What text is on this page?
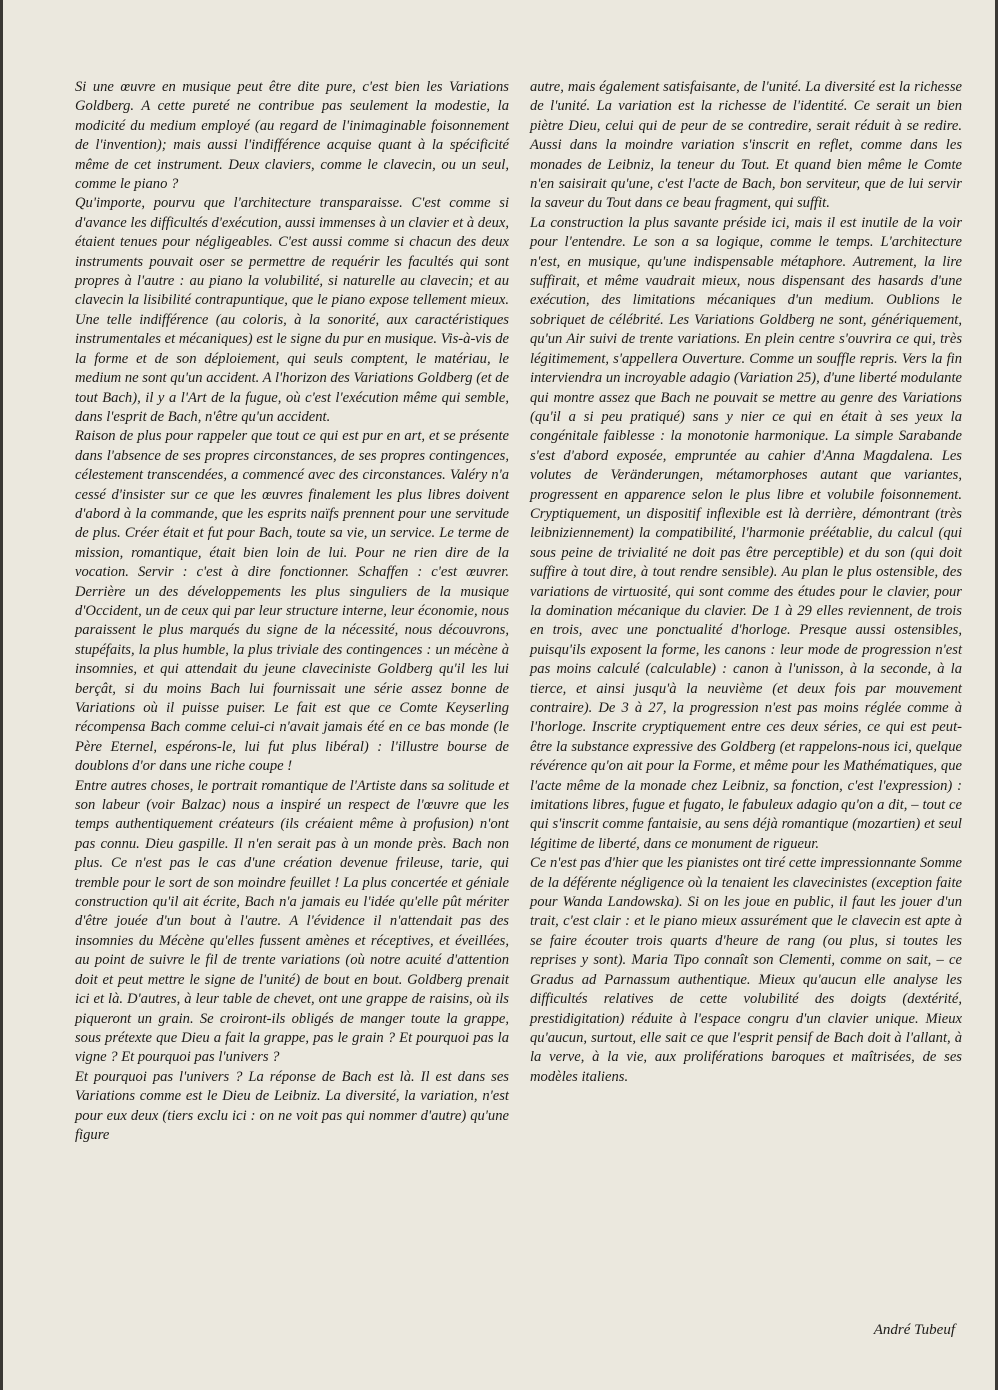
Si une œuvre en musique peut être dite pure, c'est bien les Variations Goldberg. A cette pureté ne contribue pas seulement la modestie, la modicité du medium employé (au regard de l'inimaginable foisonnement de l'invention); mais aussi l'indifférence acquise quant à la spécificité même de cet instrument. Deux claviers, comme le clavecin, ou un seul, comme le piano ?

Qu'importe, pourvu que l'architecture transparaisse. C'est comme si d'avance les difficultés d'exécution, aussi immenses à un clavier et à deux, étaient tenues pour négligeables. C'est aussi comme si chacun des deux instruments pouvait oser se permettre de requérir les facultés qui sont propres à l'autre : au piano la volubilité, si naturelle au clavecin; et au clavecin la lisibilité contrapuntique, que le piano expose tellement mieux. Une telle indifférence (au coloris, à la sonorité, aux caractéristiques instrumentales et mécaniques) est le signe du pur en musique. Vis-à-vis de la forme et de son déploiement, qui seuls comptent, le matériau, le medium ne sont qu'un accident. A l'horizon des Variations Goldberg (et de tout Bach), il y a l'Art de la fugue, où c'est l'exécution même qui semble, dans l'esprit de Bach, n'être qu'un accident.

Raison de plus pour rappeler que tout ce qui est pur en art, et se présente dans l'absence de ses propres circonstances, de ses propres contingences, célestement transcendées, a commencé avec des circonstances. Valéry n'a cessé d'insister sur ce que les œuvres finalement les plus libres doivent d'abord à la commande, que les esprits naïfs prennent pour une servitude de plus. Créer était et fut pour Bach, toute sa vie, un service. Le terme de mission, romantique, était bien loin de lui. Pour ne rien dire de la vocation. Servir : c'est à dire fonctionner. Schaffen : c'est œuvrer. Derrière un des développements les plus singuliers de la musique d'Occident, un de ceux qui par leur structure interne, leur économie, nous paraissent le plus marqués du signe de la nécessité, nous découvrons, stupéfaits, la plus humble, la plus triviale des contingences : un mécène à insomnies, et qui attendait du jeune claveciniste Goldberg qu'il les lui berçât, si du moins Bach lui fournissait une série assez bonne de Variations où il puisse puiser. Le fait est que ce Comte Keyserling récompensa Bach comme celui-ci n'avait jamais été en ce bas monde (le Père Eternel, espérons-le, lui fut plus libéral) : l'illustre bourse de doublons d'or dans une riche coupe !

Entre autres choses, le portrait romantique de l'Artiste dans sa solitude et son labeur (voir Balzac) nous a inspiré un respect de l'œuvre que les temps authentiquement créateurs (ils créaient même à profusion) n'ont pas connu. Dieu gaspille. Il n'en serait pas à un monde près. Bach non plus. Ce n'est pas le cas d'une création devenue frileuse, tarie, qui tremble pour le sort de son moindre feuillet ! La plus concertée et géniale construction qu'il ait écrite, Bach n'a jamais eu l'idée qu'elle pût mériter d'être jouée d'un bout à l'autre. A l'évidence il n'attendait pas des insomnies du Mécène qu'elles fussent amènes et réceptives, et éveillées, au point de suivre le fil de trente variations (où notre acuité d'attention doit et peut mettre le signe de l'unité) de bout en bout. Goldberg prenait ici et là. D'autres, à leur table de chevet, ont une grappe de raisins, où ils piqueront un grain. Se croiront-ils obligés de manger toute la grappe, sous prétexte que Dieu a fait la grappe, pas le grain ? Et pourquoi pas la vigne ? Et pourquoi pas l'univers ?

Et pourquoi pas l'univers ? La réponse de Bach est là. Il est dans ses Variations comme est le Dieu de Leibniz. La diversité, la variation, n'est pour eux deux (tiers exclu ici : on ne voit pas qui nommer d'autre) qu'une figure

autre, mais également satisfaisante, de l'unité. La diversité est la richesse de l'unité. La variation est la richesse de l'identité. Ce serait un bien piètre Dieu, celui qui de peur de se contredire, serait réduit à se redire. Aussi dans la moindre variation s'inscrit en reflet, comme dans les monades de Leibniz, la teneur du Tout. Et quand bien même le Comte n'en saisirait qu'une, c'est l'acte de Bach, bon serviteur, que de lui servir la saveur du Tout dans ce beau fragment, qui suffit.

La construction la plus savante préside ici, mais il est inutile de la voir pour l'entendre. Le son a sa logique, comme le temps. L'architecture n'est, en musique, qu'une indispensable métaphore. Autrement, la lire suffirait, et même vaudrait mieux, nous dispensant des hasards d'une exécution, des limitations mécaniques d'un medium. Oublions le sobriquet de célébrité. Les Variations Goldberg ne sont, génériquement, qu'un Air suivi de trente variations. En plein centre s'ouvrira ce qui, très légitimement, s'appellera Ouverture. Comme un souffle repris. Vers la fin interviendra un incroyable adagio (Variation 25), d'une liberté modulante qui montre assez que Bach ne pouvait se mettre au genre des Variations (qu'il a si peu pratiqué) sans y nier ce qui en était à ses yeux la congénitale faiblesse : la monotonie harmonique. La simple Sarabande s'est d'abord exposée, empruntée au cahier d'Anna Magdalena. Les volutes de Veränderungen, métamorphoses autant que variantes, progressent en apparence selon le plus libre et volubile foisonnement. Cryptiquement, un dispositif inflexible est là derrière, démontrant (très leibniziennement) la compatibilité, l'harmonie préétablie, du calcul (qui sous peine de trivialité ne doit pas être perceptible) et du son (qui doit suffire à tout dire, à tout rendre sensible). Au plan le plus ostensible, des variations de virtuosité, qui sont comme des études pour le clavier, pour la domination mécanique du clavier. De 1 à 29 elles reviennent, de trois en trois, avec une ponctualité d'horloge. Presque aussi ostensibles, puisqu'ils exposent la forme, les canons : leur mode de progression n'est pas moins calculé (calculable) : canon à l'unisson, à la seconde, à la tierce, et ainsi jusqu'à la neuvième (et deux fois par mouvement contraire). De 3 à 27, la progression n'est pas moins réglée comme à l'horloge. Inscrite cryptiquement entre ces deux séries, ce qui est peut-être la substance expressive des Goldberg (et rappelons-nous ici, quelque révérence qu'on ait pour la Forme, et même pour les Mathématiques, que l'acte même de la monade chez Leibniz, sa fonction, c'est l'expression) : imitations libres, fugue et fugato, le fabuleux adagio qu'on a dit, – tout ce qui s'inscrit comme fantaisie, au sens déjà romantique (mozartien) et seul légitime de liberté, dans ce monument de rigueur.

Ce n'est pas d'hier que les pianistes ont tiré cette impressionnante Somme de la déférente négligence où la tenaient les clavecinistes (exception faite pour Wanda Landowska). Si on les joue en public, il faut les jouer d'un trait, c'est clair : et le piano mieux assurément que le clavecin est apte à se faire écouter trois quarts d'heure de rang (ou plus, si toutes les reprises y sont). Maria Tipo connaît son Clementi, comme on sait, – ce Gradus ad Parnassum authentique. Mieux qu'aucun elle analyse les difficultés relatives de cette volubilité des doigts (dextérité, prestidigitation) réduite à l'espace congru d'un clavier unique. Mieux qu'aucun, surtout, elle sait ce que l'esprit pensif de Bach doit à l'allant, à la verve, à la vie, aux proliférations baroques et maîtrisées, de ses modèles italiens.

André Tubeuf
